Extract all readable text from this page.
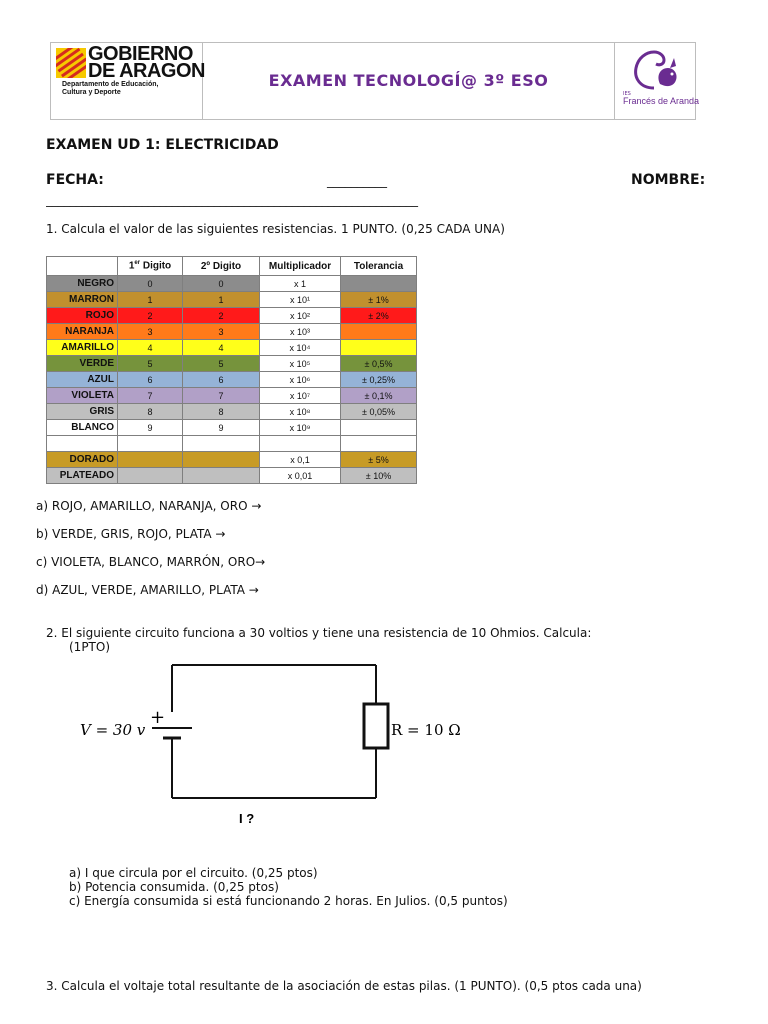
GOBIERNO
DE ARAGON
Departamento de Educación,
Cultura y Deporte
EXAMEN TECNOLOGÍ@ 3º ESO
IES
Francés de Aranda
EXAMEN UD 1: ELECTRICIDAD
FECHA:	__________	NOMBRE:
______________________________________________________________
1. Calcula el valor de las siguientes resistencias. 1 PUNTO. (0,25 CADA UNA)
	1er Digito	2º Digito	Multiplicador	Tolerancia
NEGRO	0	0	x 1	
MARRON	1	1	x 10¹	± 1%
ROJO	2	2	x 10²	± 2%
NARANJA	3	3	x 10³	
AMARILLO	4	4	x 10⁴	
VERDE	5	5	x 10⁵	± 0,5%
AZUL	6	6	x 10⁶	± 0,25%
VIOLETA	7	7	x 10⁷	± 0,1%
GRIS	8	8	x 10⁸	± 0,05%
BLANCO	9	9	x 10⁹	

DORADO			x 0,1	± 5%
PLATEADO			x 0,01	± 10%
a) ROJO, AMARILLO, NARANJA, ORO →
b) VERDE, GRIS, ROJO, PLATA →
c) VIOLETA, BLANCO, MARRÓN, ORO→
d) AZUL, VERDE, AMARILLO, PLATA →
2. El siguiente circuito funciona a 30 voltios y tiene una resistencia de 10 Ohmios. Calcula:
(1PTO)
+
V = 30 v	R = 10 Ω
I ?
a) I que circula por el circuito. (0,25 ptos)
b) Potencia consumida. (0,25 ptos)
c) Energía consumida si está funcionando 2 horas. En Julios. (0,5 puntos)
3. Calcula el voltaje total resultante de la asociación de estas pilas. (1 PUNTO). (0,5 ptos cada una)
